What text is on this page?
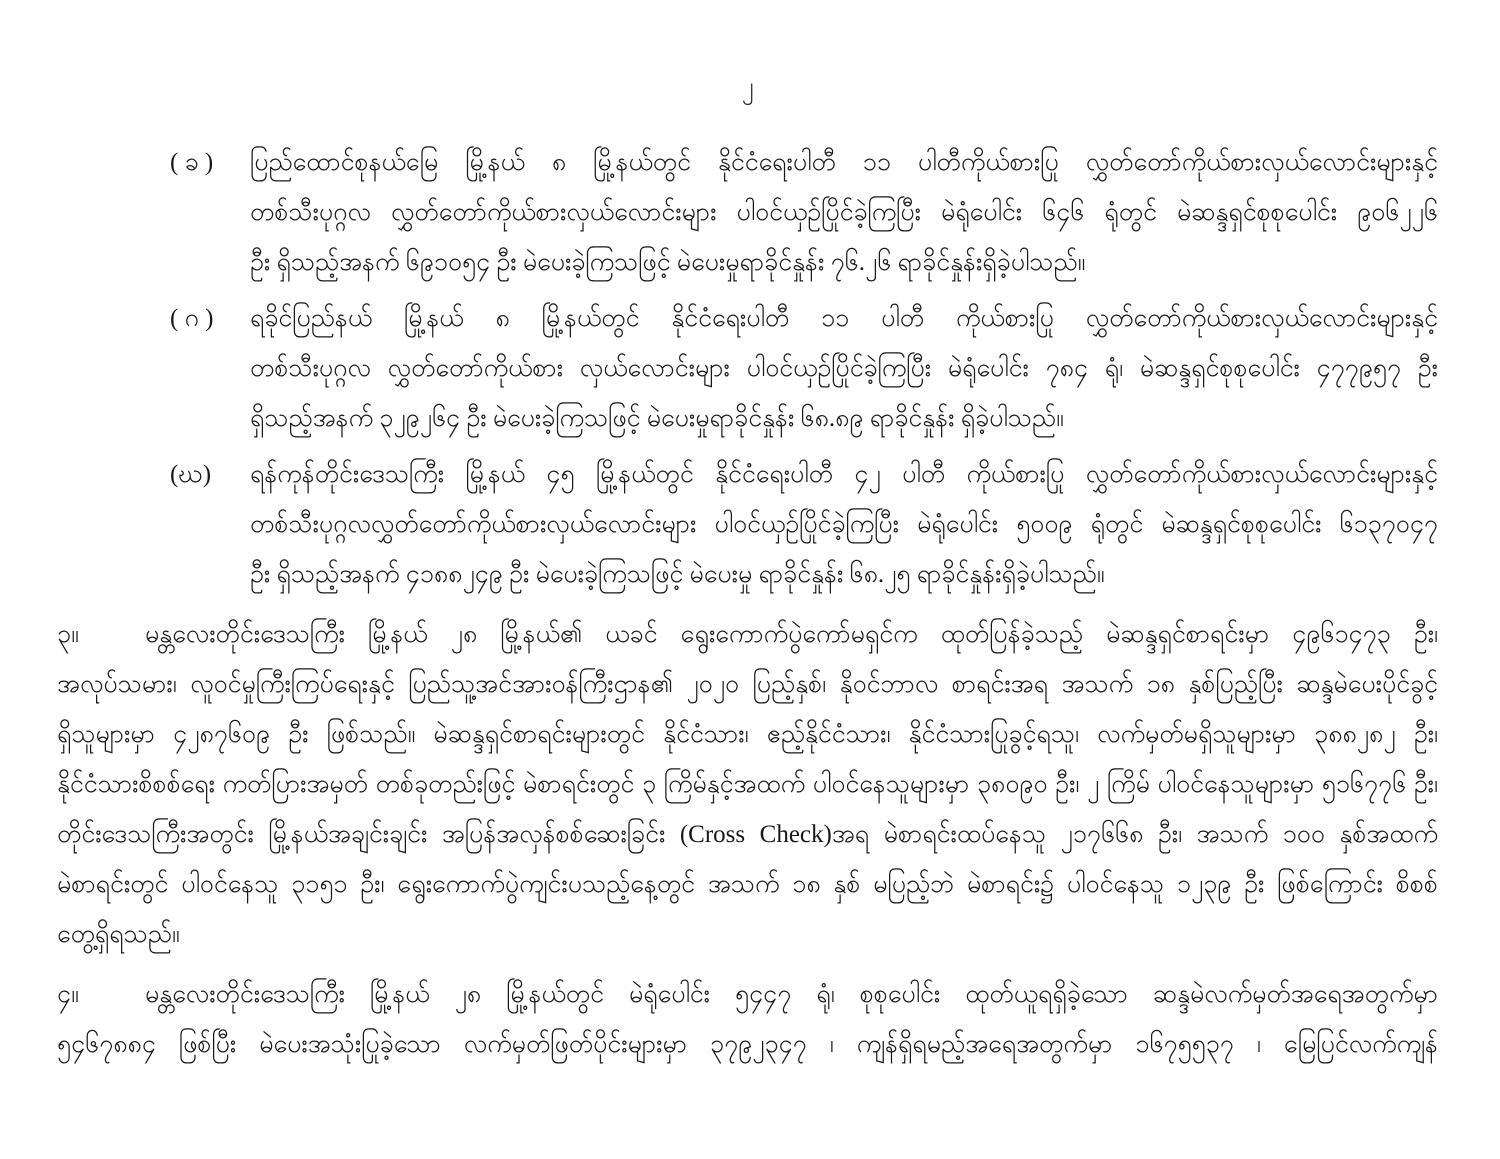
၂
( ခ )	ပြည်ထောင်စုနယ်မြေ မြို့နယ် ၈ မြို့နယ်တွင် နိုင်ငံရေးပါတီ ၁၁ ပါတီကိုယ်စားပြု လွှတ်တော်ကိုယ်စားလှယ်လောင်းများနှင့်
တစ်သီးပုဂ္ဂလ လွှတ်တော်ကိုယ်စားလှယ်လောင်းများ ပါဝင်ယှဉ်ပြိုင်ခဲ့ကြပြီး မဲရုံပေါင်း ၆၄၆ ရုံတွင် မဲဆန္ဒရှင်စုစုပေါင်း ၉၀၆၂၂၆
ဦး ရှိသည့်အနက် ၆၉၁၀၅၄ ဦး မဲပေးခဲ့ကြသဖြင့် မဲပေးမှုရာခိုင်နှုန်း ၇၆.၂၆ ရာခိုင်နှုန်းရှိခဲ့ပါသည်။
( ဂ )	ရခိုင်ပြည်နယ် မြို့နယ် ၈ မြို့နယ်တွင် နိုင်ငံရေးပါတီ ၁၁ ပါတီ ကိုယ်စားပြု လွှတ်တော်ကိုယ်စားလှယ်လောင်းများနှင့်
တစ်သီးပုဂ္ဂလ လွှတ်တော်ကိုယ်စား လှယ်လောင်းများ ပါဝင်ယှဉ်ပြိုင်ခဲ့ကြပြီး မဲရုံပေါင်း ၇၈၄ ရုံ၊ မဲဆန္ဒရှင်စုစုပေါင်း ၄၇၇၉၅၇ ဦး
ရှိသည့်အနက် ၃၂၉၂၆၄ ဦး မဲပေးခဲ့ကြသဖြင့် မဲပေးမှုရာခိုင်နှုန်း ၆၈.၈၉ ရာခိုင်နှုန်း ရှိခဲ့ပါသည်။
(ဃ)	ရန်ကုန်တိုင်းဒေသကြီး မြို့နယ် ၄၅ မြို့နယ်တွင် နိုင်ငံရေးပါတီ ၄၂ ပါတီ ကိုယ်စားပြု လွှတ်တော်ကိုယ်စားလှယ်လောင်းများနှင့်
တစ်သီးပုဂ္ဂလလွှတ်တော်ကိုယ်စားလှယ်လောင်းများ ပါဝင်ယှဉ်ပြိုင်ခဲ့ကြပြီး မဲရုံပေါင်း ၅၀၀၉ ရုံတွင် မဲဆန္ဒရှင်စုစုပေါင်း ၆၁၃၇၀၄၇
ဦး ရှိသည့်အနက် ၄၁၈၈၂၄၉ ဦး မဲပေးခဲ့ကြသဖြင့် မဲပေးမှု ရာခိုင်နှုန်း ၆၈.၂၅ ရာခိုင်နှုန်းရှိခဲ့ပါသည်။
၃။	မန္တလေးတိုင်းဒေသကြီး မြို့နယ် ၂၈ မြို့နယ်၏ ယခင် ရွေးကောက်ပွဲကော်မရှင်က ထုတ်ပြန်ခဲ့သည့် မဲဆန္ဒရှင်စာရင်းမှာ ၄၉၆၁၄၇၃ ဦး၊
အလုပ်သမား၊ လူဝင်မှုကြီးကြပ်ရေးနှင့် ပြည်သူ့အင်အားဝန်ကြီးဌာန၏ ၂၀၂၀ ပြည့်နှစ်၊ နိုဝင်ဘာလ စာရင်းအရ အသက် ၁၈ နှစ်ပြည့်ပြီး ဆန္ဒမဲပေးပိုင်ခွင့်
ရှိသူများမှာ ၄၂၈၇၆၀၉ ဦး ဖြစ်သည်။ မဲဆန္ဒရှင်စာရင်းများတွင် နိုင်ငံသား၊ ဧည့်နိုင်ငံသား၊ နိုင်ငံသားပြုခွင့်ရသူ၊ လက်မှတ်မရှိသူများမှာ ၃၈၈၂၈၂ ဦး၊
နိုင်ငံသားစိစစ်ရေး ကတ်ပြားအမှတ် တစ်ခုတည်းဖြင့် မဲစာရင်းတွင် ၃ ကြိမ်နှင့်အထက် ပါဝင်နေသူများမှာ ၃၈၀၉၀ ဦး၊ ၂ ကြိမ် ပါဝင်နေသူများမှာ ၅၁၆၇၇၆ ဦး၊
တိုင်းဒေသကြီးအတွင်း မြို့နယ်အချင်းချင်း အပြန်အလှန်စစ်ဆေးခြင်း (Cross Check)အရ မဲစာရင်းထပ်နေသူ ၂၁၇၆၆၈ ဦး၊ အသက် ၁၀၀ နှစ်အထက်
မဲစာရင်းတွင် ပါဝင်နေသူ ၃၁၅၁ ဦး၊ ရွေးကောက်ပွဲကျင်းပသည့်နေ့တွင် အသက် ၁၈ နှစ် မပြည့်ဘဲ မဲစာရင်း၌ ပါဝင်နေသူ ၁၂၃၉ ဦး ဖြစ်ကြောင်း စိစစ်
တွေ့ရှိရသည်။
၄။	မန္တလေးတိုင်းဒေသကြီး မြို့နယ် ၂၈ မြို့နယ်တွင် မဲရုံပေါင်း ၅၄၄၇ ရုံ၊ စုစုပေါင်း ထုတ်ယူရရှိခဲ့သော ဆန္ဒမဲလက်မှတ်အရေအတွက်မှာ
၅၄၆၇၈၈၄ ဖြစ်ပြီး မဲပေးအသုံးပြုခဲ့သော လက်မှတ်ဖြတ်ပိုင်းများမှာ ၃၇၉၂၃၄၇ ၊ ကျန်ရှိရမည့်အရေအတွက်မှာ ၁၆၇၅၅၃၇ ၊ မြေပြင်လက်ကျန်
